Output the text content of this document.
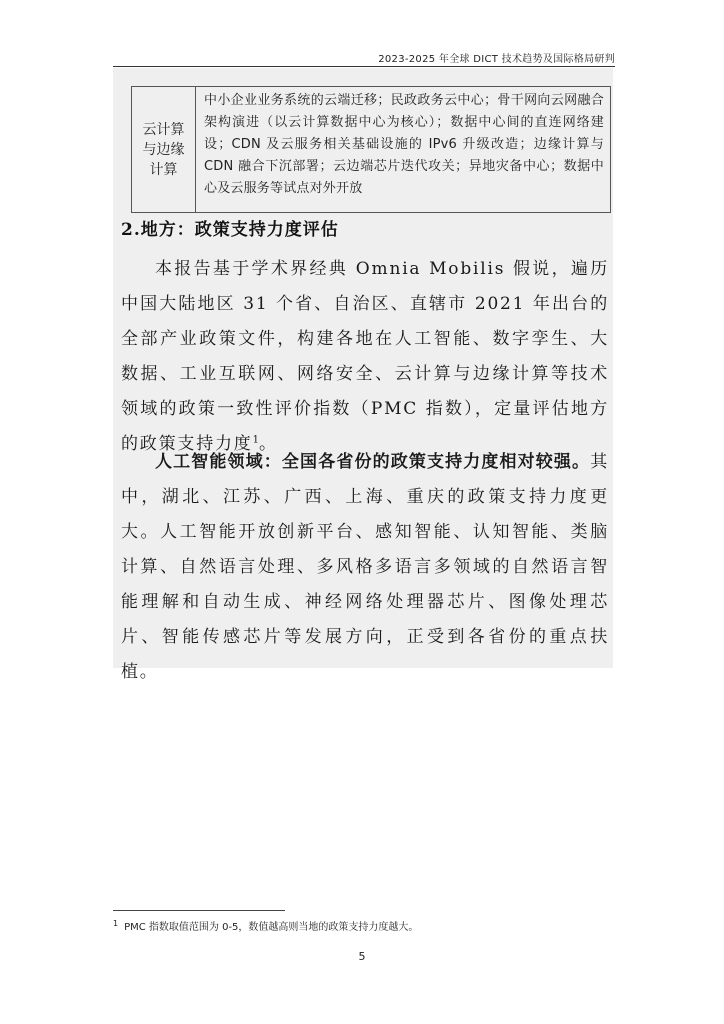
2023-2025 年全球 DICT 技术趋势及国际格局研判
云计算与边缘计算
中小企业业务系统的云端迁移；民政政务云中心；骨干网向云网融合架构演进（以云计算数据中心为核心）；数据中心间的直连网络建设；CDN 及云服务相关基础设施的 IPv6 升级改造；边缘计算与 CDN 融合下沉部署；云边端芯片迭代攻关；异地灾备中心；数据中心及云服务等试点对外开放
2.地方：政策支持力度评估
本报告基于学术界经典 Omnia Mobilis 假说，遍历中国大陆地区 31 个省、自治区、直辖市 2021 年出台的全部产业政策文件，构建各地在人工智能、数字孪生、大数据、工业互联网、网络安全、云计算与边缘计算等技术领域的政策一致性评价指数（PMC 指数），定量评估地方的政策支持力度$^1$。
人工智能领域：全国各省份的政策支持力度相对较强。其中，湖北、江苏、广西、上海、重庆的政策支持力度更大。人工智能开放创新平台、感知智能、认知智能、类脑计算、自然语言处理、多风格多语言多领域的自然语言智能理解和自动生成、神经网络处理器芯片、图像处理芯片、智能传感芯片等发展方向，正受到各省份的重点扶植。
$^1$ PMC 指数取值范围为 0-5，数值越高则当地的政策支持力度越大。
5
